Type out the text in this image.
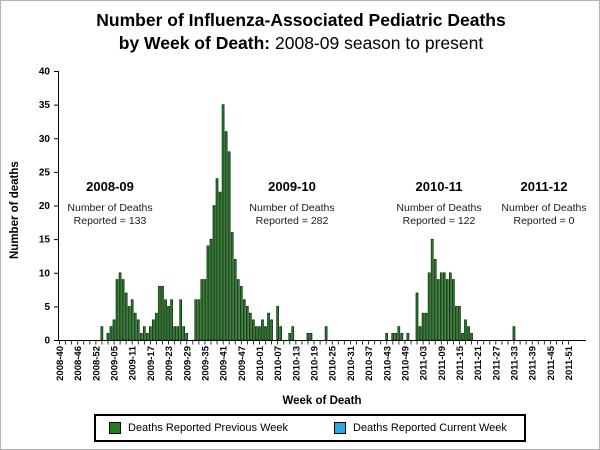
0
5
10
15
20
25
30
35
40
2008-40 2008-46 2008-52 2009-05 2009-11 2009-17 2009-23 2009-29 2009-35 2009-41 2009-47 2010-01 2010-07 2010-13 2010-19 2010-25 2010-31 2010-37 2010-43 2010-49 2011-03 2011-09 2011-15 2011-21 2011-27 2011-33 2011-39 2011-45 2011-51
Number of Influenza-Associated Pediatric Deaths
by Week of Death: 2008-09 season to present
Number of deaths
Week of Death
2008-09
Number of Deaths
Reported = 133
2009-10
Number of Deaths
Reported = 282
2010-11
Number of Deaths
Reported = 122
2011-12
Number of Deaths
Reported = 0
Deaths Reported Previous Week	Deaths Reported Current Week
